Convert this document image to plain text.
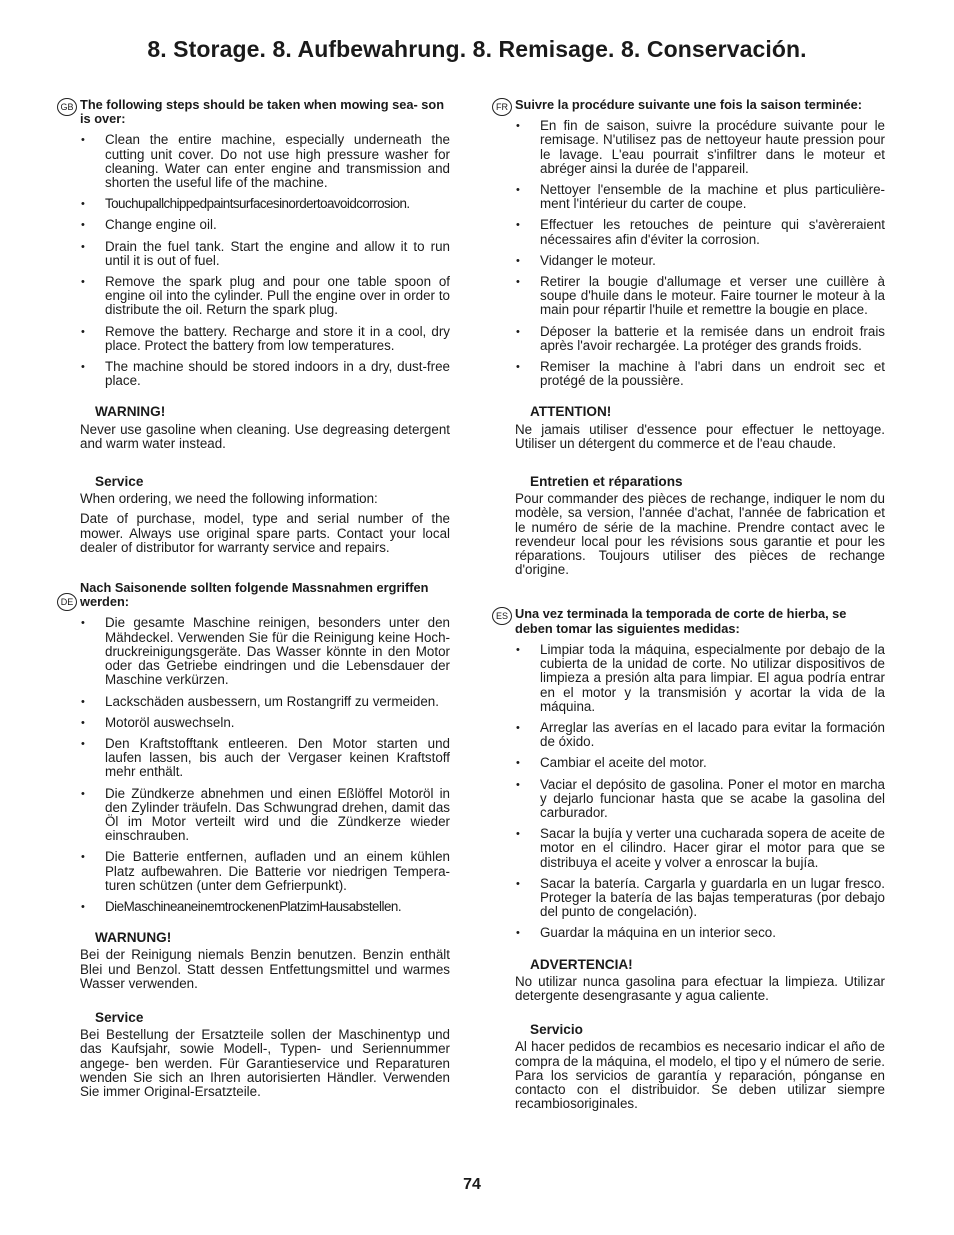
8. Storage. 8. Aufbewahrung. 8. Remisage. 8. Conservación.
GB The following steps should be taken when mowing sea- son is over:

• Clean the entire machine, especially underneath the cutting unit cover. Do not use high pressure washer for cleaning. Water can enter engine and transmission and shorten the useful life of the machine.
• Touchupallchippedpaintsurfacesinordertoavoidcorrosion.
• Change engine oil.
• Drain the fuel tank. Start the engine and allow it to run until it is out of fuel.
• Remove the spark plug and pour one table spoon of engine oil into the cylinder. Pull the engine over in order to distribute the oil. Return the spark plug.
• Remove the battery. Recharge and store it in a cool, dry place. Protect the battery from low temperatures.
• The machine should be stored indoors in a dry, dust-free place.
WARNING!

Never use gasoline when cleaning. Use degreasing detergent and warm water instead.

Service

When ordering, we need the following information:

Date of purchase, model, type and serial number of the mower. Always use original spare parts. Contact your local dealer of distributor for warranty service and repairs.

DE

Nach Saisonende sollten folgende Massnahmen ergriffen werden:

• Die gesamte Maschine reinigen, besonders unter den Mähdeckel. Verwenden Sie für die Reinigung keine Hoch- druckreinigungsgeräte. Das Wasser könnte in den Motor oder das Getriebe eindringen und die Lebensdauer der Maschine verkürzen.
• Lackschäden ausbessern, um Rostangriff zu vermeiden.
• Motoröl auswechseln.
• Den Kraftstofftank entleeren. Den Motor starten und laufen lassen, bis auch der Vergaser keinen Kraftstoff mehr enthält.
• Die Zündkerze abnehmen und einen Eßlöffel Motoröl in den Zylinder träufeln. Das Schwungrad drehen, damit das Öl im Motor verteilt wird und die Zündkerze wieder einschrauben.
• Die Batterie entfernen, aufladen und an einem kühlen Platz aufbewahren. Die Batterie vor niedrigen Tempera- turen schützen (unter dem Gefrierpunkt).
• DieMaschineaneinemtrockenenPlatzimHausabstellen.
WARNUNG!

Bei der Reinigung niemals Benzin benutzen. Benzin enthält Blei und Benzol. Statt dessen Entfettungsmittel und warmes Wasser verwenden.

Service

Bei Bestellung der Ersatzteile sollen der Maschinentyp und das Kaufsjahr, sowie Modell-, Typen- und Seriennummer angege- ben werden. Für Garantieservice und Reparaturen wenden Sie sich an Ihren autorisierten Händler. Verwenden Sie immer Original-Ersatzteile.

FR Suivre la procédure suivante une fois la saison terminée:

• En fin de saison, suivre la procédure suivante pour le remisage. N'utilisez pas de nettoyeur haute pression pour le lavage. L'eau pourrait s'infiltrer dans le moteur et abréger ainsi la durée de l'appareil.
• Nettoyer l'ensemble de la machine et plus particulière- ment l'intérieur du carter de coupe.
• Effectuer les retouches de peinture qui s'avèreraient nécessaires afin d'éviter la corrosion.
• Vidanger le moteur.
• Retirer la bougie d'allumage et verser une cuillère à soupe d'huile dans le moteur. Faire tourner le moteur à la main pour répartir l'huile et remettre la bougie en place.
• Déposer la batterie et la remisée dans un endroit frais après l'avoir rechargée. La protéger des grands froids.
• Remiser la machine à l'abri dans un endroit sec et protégé de la poussière.
ATTENTION!

Ne jamais utiliser d'essence pour effectuer le nettoyage. Utiliser un détergent du commerce et de l'eau chaude.

Entretien et réparations

Pour commander des pièces de rechange, indiquer le nom du modèle, sa version, l'année d'achat, l'année de fabrication et le numéro de série de la machine. Prendre contact avec le revendeur local pour les révisions sous garantie et pour les réparations. Toujours utiliser des pièces de rechange d'origine.

ES Una vez terminada la temporada de corte de hierba, se deben tomar las siguientes medidas:

• Limpiar toda la máquina, especialmente por debajo de la cubierta de la unidad de corte. No utilizar dispositivos de limpieza a presión alta para limpiar. El agua podría entrar en el motor y la transmisión y acortar la vida de la máquina.
• Arreglar las averías en el lacado para evitar la formación de óxido.
• Cambiar el aceite del motor.
• Vaciar el depósito de gasolina. Poner el motor en marcha y dejarlo funcionar hasta que se acabe la gasolina del carburador.
• Sacar la bujía y verter una cucharada sopera de aceite de motor en el cilindro. Hacer girar el motor para que se distribuya el aceite y volver a enroscar la bujía.
• Sacar la batería. Cargarla y guardarla en un lugar fresco. Proteger la batería de las bajas temperaturas (por debajo del punto de congelación).
• Guardar la máquina en un interior seco.
ADVERTENCIA!

No utilizar nunca gasolina para efectuar la limpieza. Utilizar detergente desengrasante y agua caliente.

Servicio

Al hacer pedidos de recambios es necesario indicar el año de compra de la máquina, el modelo, el tipo y el número de serie. Para los servicios de garantía y reparación, pónganse en contacto con el distribuidor. Se deben utilizar siempre recambiosoriginales.

74
